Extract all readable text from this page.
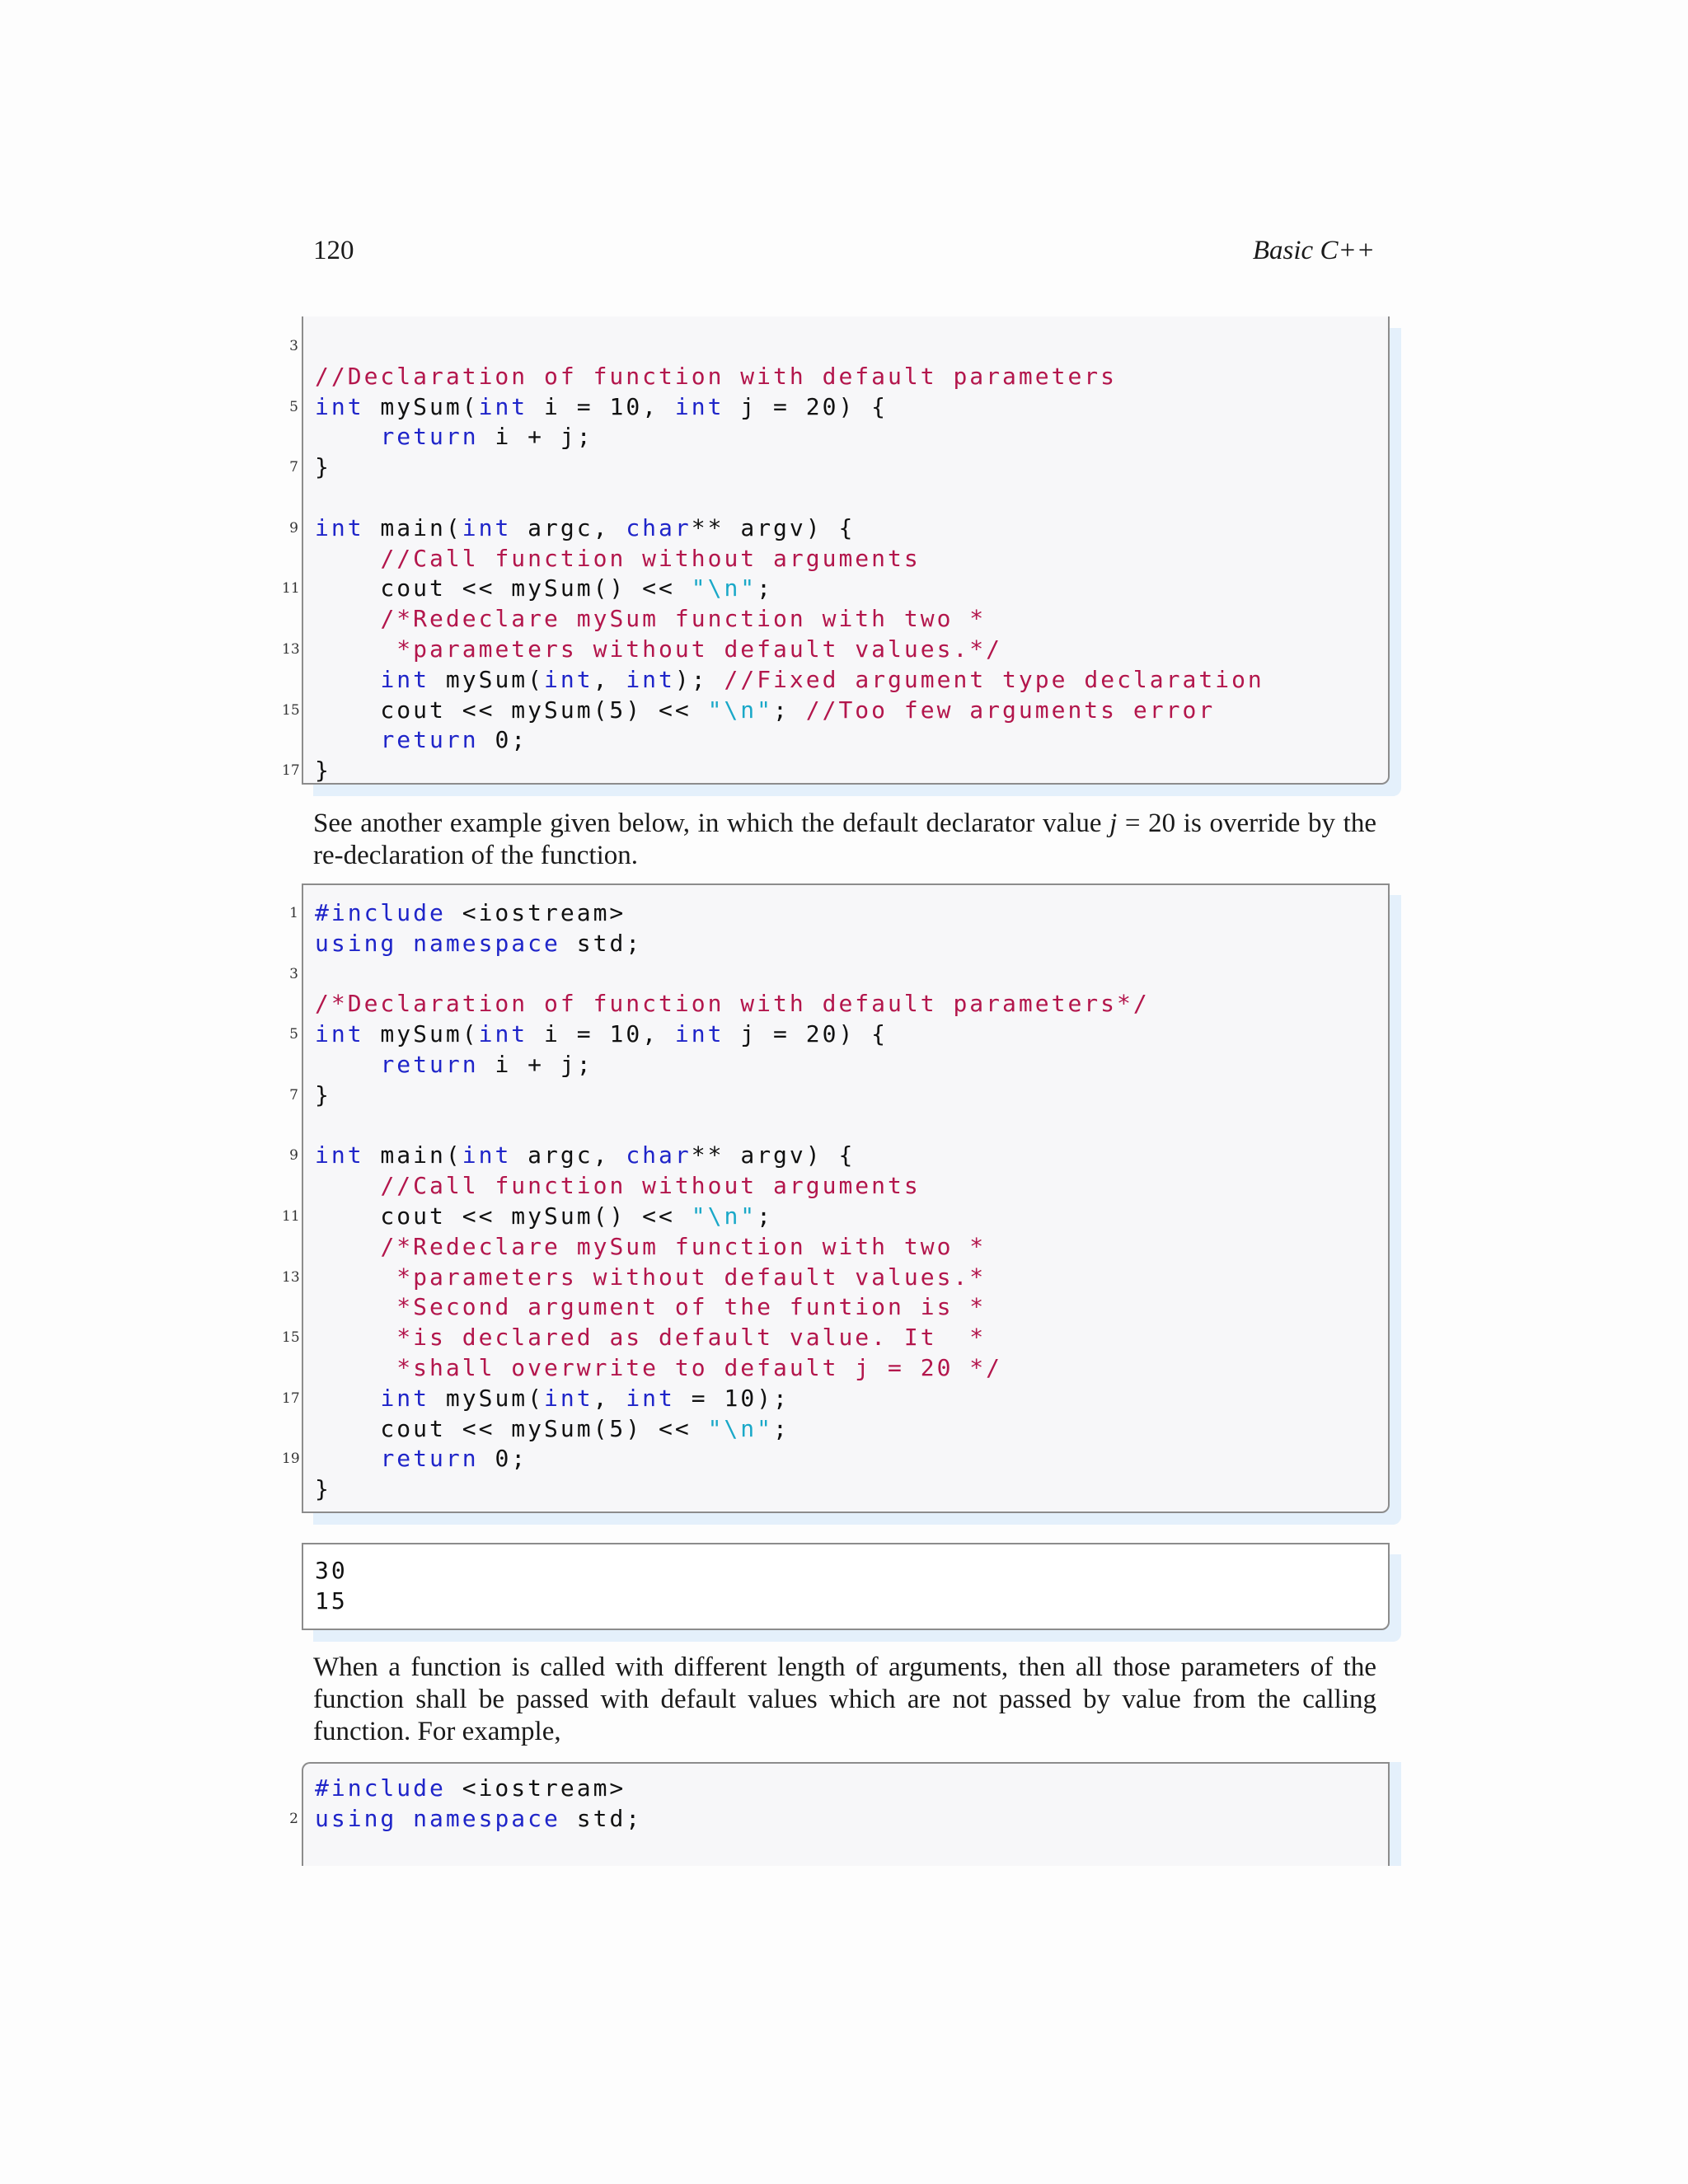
120	Basic C++
3
//Declaration of function with default parameters
5 int mySum(int i = 10, int j = 20) {
return i + j;
7 }
9 int main(int argc, char** argv) {
//Call function without arguments
11 cout << mySum() << "\n";
/*Redeclare mySum function with two *
13	*parameters without default values.*/
int mySum(int, int); //Fixed argument type declaration
15 cout << mySum(5) << "\n"; //Too few arguments error
return 0;
17 }
See another example given below, in which the default declarator value j = 20 is override by the re-declaration of the function.
1 #include <iostream>
using namespace std;
3
/*Declaration of function with default parameters*/
5 int mySum(int i = 10, int j = 20) {
return i + j;
7 }
9 int main(int argc, char** argv) {
//Call function without arguments
11 cout << mySum() << "\n";
/*Redeclare mySum function with two *
13	*parameters without default values.*
*Second argument of the funtion is *
15	*is declared as default value. It  *
*shall overwrite to default j = 20 */
17	int mySum(int, int = 10);
cout << mySum(5) << "\n";
19	return 0;
}
30
15
When a function is called with different length of arguments, then all those parameters of the function shall be passed with default values which are not passed by value from the calling function. For example,
#include <iostream>
2 using namespace std;
